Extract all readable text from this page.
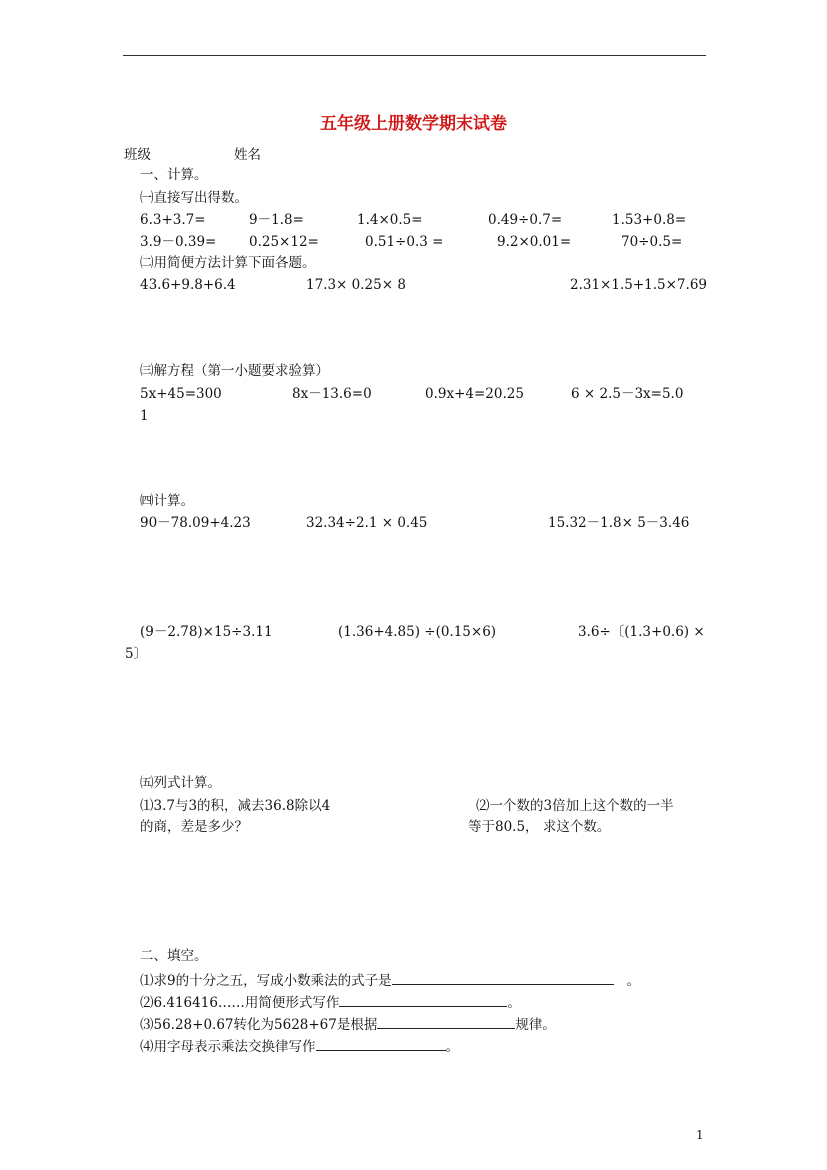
五年级上册数学期末试卷
班级	姓名
一、计算。
㈠直接写出得数。
6.3+3.7=	9－1.8=	1.4×0.5=	0.49÷0.7=	1.53+0.8=
3.9－0.39= 0.25×12=	0.51÷0.3 =	9.2×0.01=	70÷0.5=
㈡用简便方法计算下面各题。
43.6+9.8+6.4	17.3× 0.25× 8	2.31×1.5+1.5×7.69
㈢解方程（第一小题要求验算）
5x+45=300	8x－13.6=0	0.9x+4=20.25	6 × 2.5－3x=5.0
1
㈣计算。
90－78.09+4.23	32.34÷2.1 × 0.45	15.32－1.8× 5－3.46
(9－2.78)×15÷3.11	(1.36+4.85) ÷(0.15×6)	3.6÷〔(1.3+0.6) ×
5〕
㈤列式计算。
⑴3.7与3的积，减去36.8除以4
的商，差是多少？
⑵一个数的3倍加上这个数的一半
等于80.5， 求这个数。
二、填空。
⑴求9的十分之五，写成小数乘法的式子是	。
⑵6.416416……用简便形式写作	。
⑶56.28+0.67转化为5628+67是根据	规律。
⑷用字母表示乘法交换律写作	。
1
